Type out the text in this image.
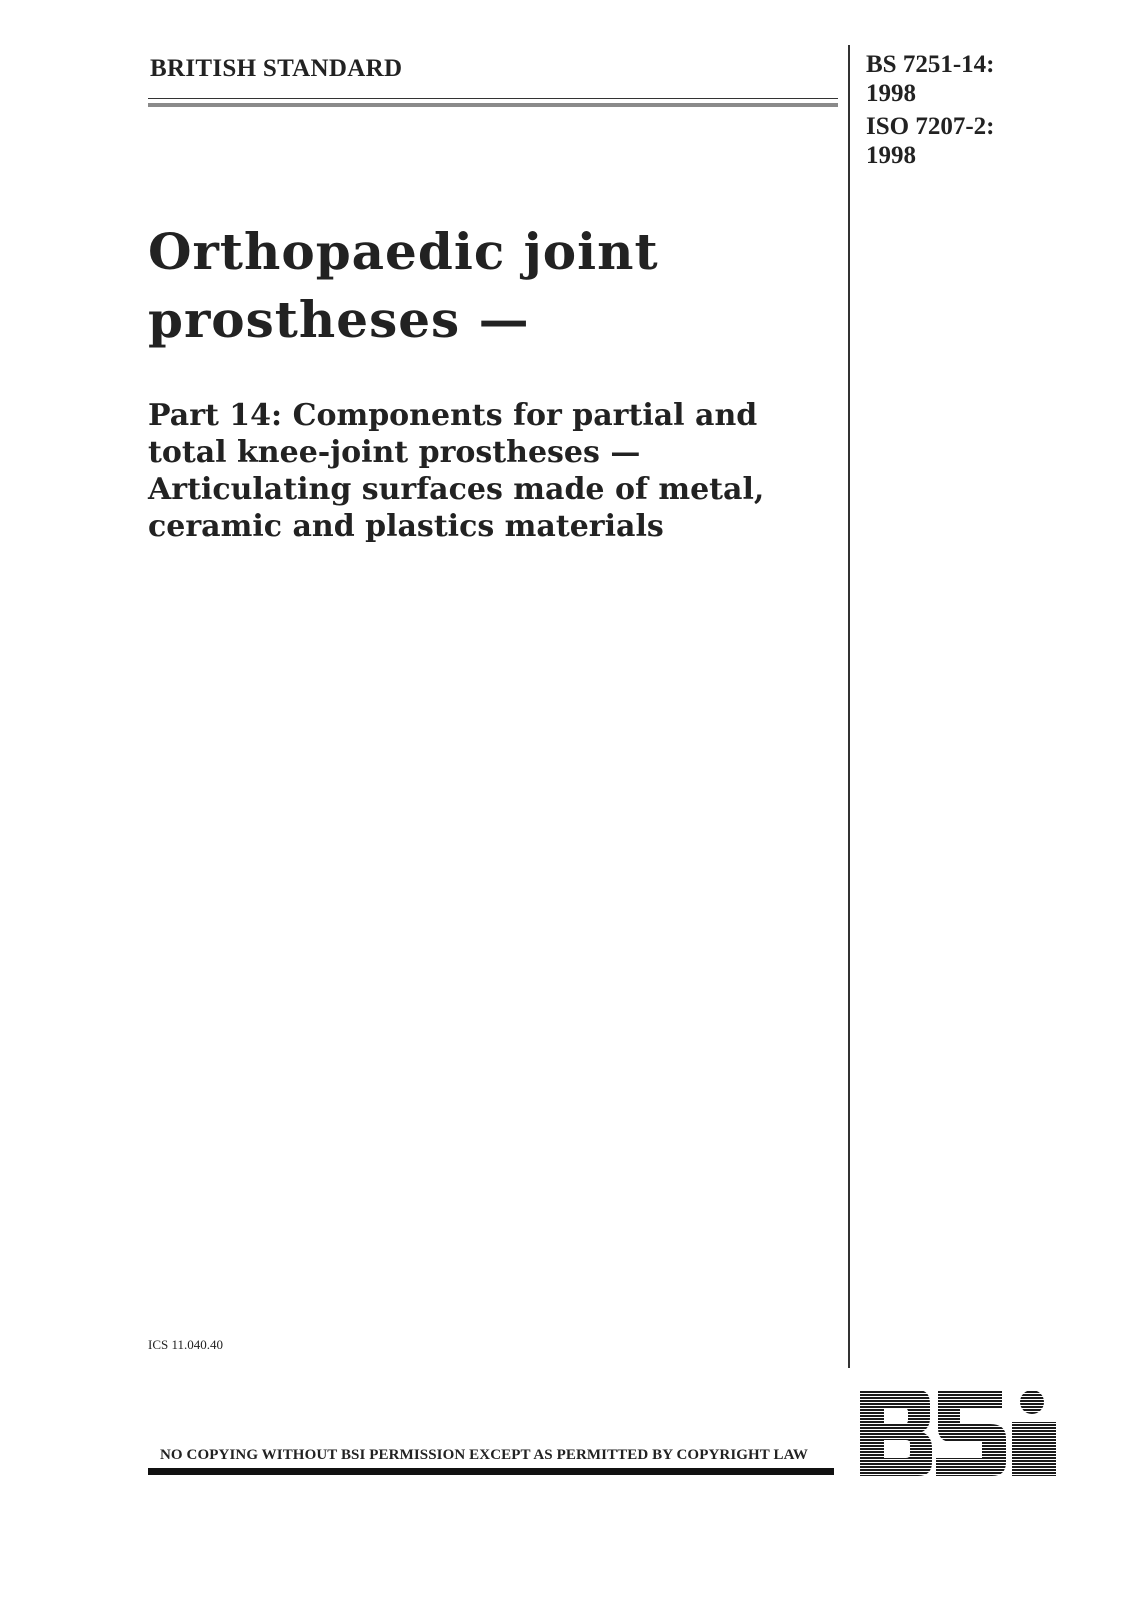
BRITISH STANDARD	BS 7251-14:
1998
ISO 7207-2:
1998
Orthopaedic joint prostheses —
Part 14: Components for partial and total knee-joint prostheses — Articulating surfaces made of metal, ceramic and plastics materials
ICS 11.040.40
NO COPYING WITHOUT BSI PERMISSION EXCEPT AS PERMITTED BY COPYRIGHT LAW
